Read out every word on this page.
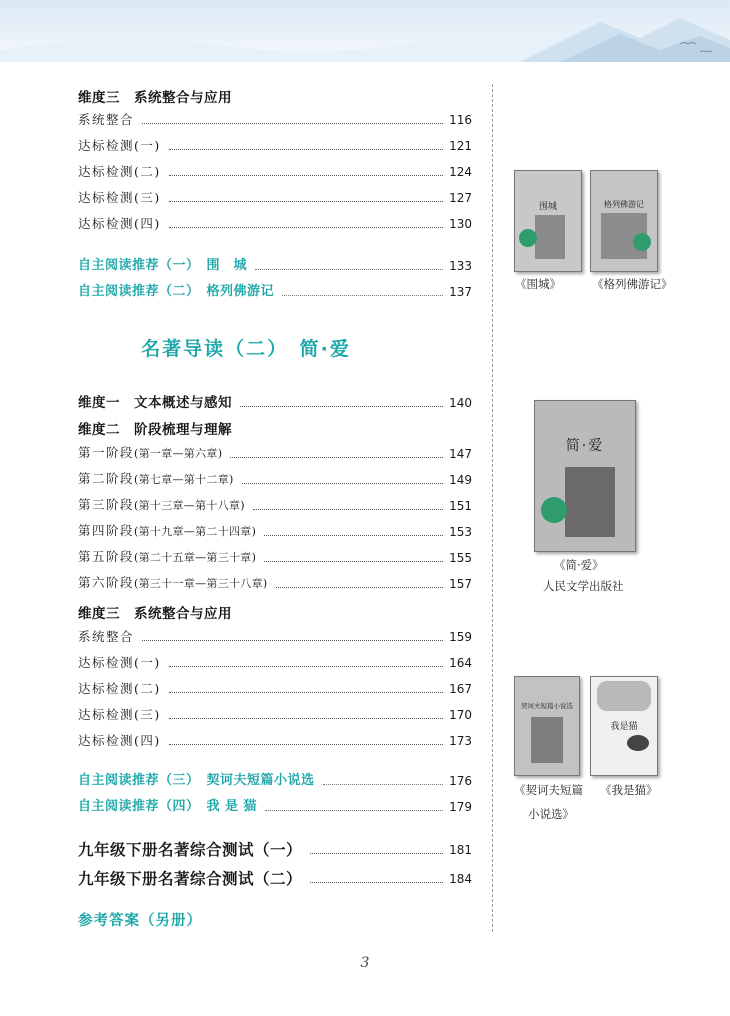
维度三　系统整合与应用
系统整合	116
达标检测(一)	121
达标检测(二)	124
达标检测(三)	127
达标检测(四)	130
自主阅读推荐（一）　围　城	133
自主阅读推荐（二）　格列佛游记	137
名著导读（二）　简·爱
维度一　文本概述与感知	140
维度二　阶段梳理与理解
第一阶段(第一章—第六章)	147
第二阶段(第七章—第十二章)	149
第三阶段(第十三章—第十八章)	151
第四阶段(第十九章—第二十四章)	153
第五阶段(第二十五章—第三十章)	155
第六阶段(第三十一章—第三十八章)	157
维度三　系统整合与应用
系统整合	159
达标检测(一)	164
达标检测(二)	167
达标检测(三)	170
达标检测(四)	173
自主阅读推荐（三）　契诃夫短篇小说选	176
自主阅读推荐（四）　我 是 猫	179
九年级下册名著综合测试（一）	181
九年级下册名著综合测试（二）	184
参考答案（另册）
围城
《围城》
格列佛游记
《格列佛游记》
简·爱
《简·爱》
人民文学出版社
契诃夫短篇小说选
《契诃夫短篇
小说选》
我是猫
《我是猫》
3
